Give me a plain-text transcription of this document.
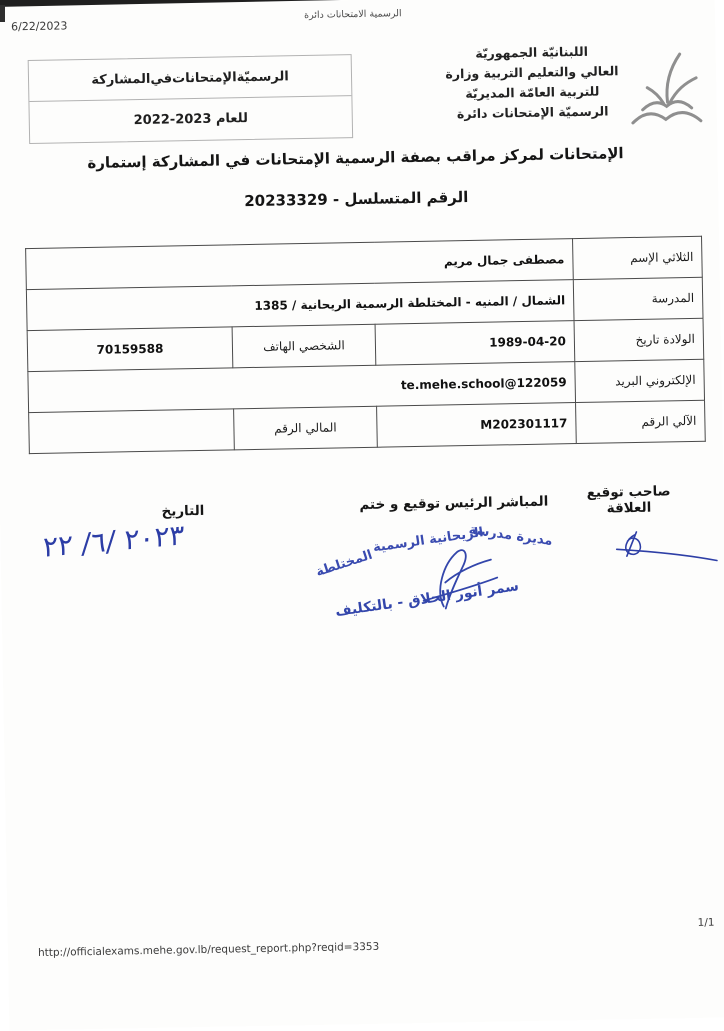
6/22/2023
دائرة الامتحانات الرسمية
الجمهوريّة اللبنانيّة
وزارة التربية والتعليم العالي
المديريّة العامّة للتربية
دائرة الإمتحانات الرسميّة
المشاركة في الإمتحانات الرسميّة
للعام 2023-2022
إستمارة المشاركة في الإمتحانات الرسمية بصفة مراقب لمركز الإمتحانات
الرقم المتسلسل - 20233329
مريم جمال مصطفى			الإسم الثلاثي
1385 / الريحانية الرسمية المختلطة - المنيه / الشمال			المدرسة
70159588	الهاتف الشخصي	1989-04-20	تاريخ الولادة
te.mehe.school@122059			البريد الإلكتروني
	الرقم المالي	M202301117	الرقم الآلي
توقيع صاحب العلاقة
ختم و توقيع الرئيس المباشر
التاريخ
مديرة مدرسة
الريحانية الرسمية
المختلطة
سمر أنور الحلاق - بالتكليف
٢٠٢٣ /٦/ ٢٢
http://officialexams.mehe.gov.lb/request_report.php?reqid=3353
1/1
